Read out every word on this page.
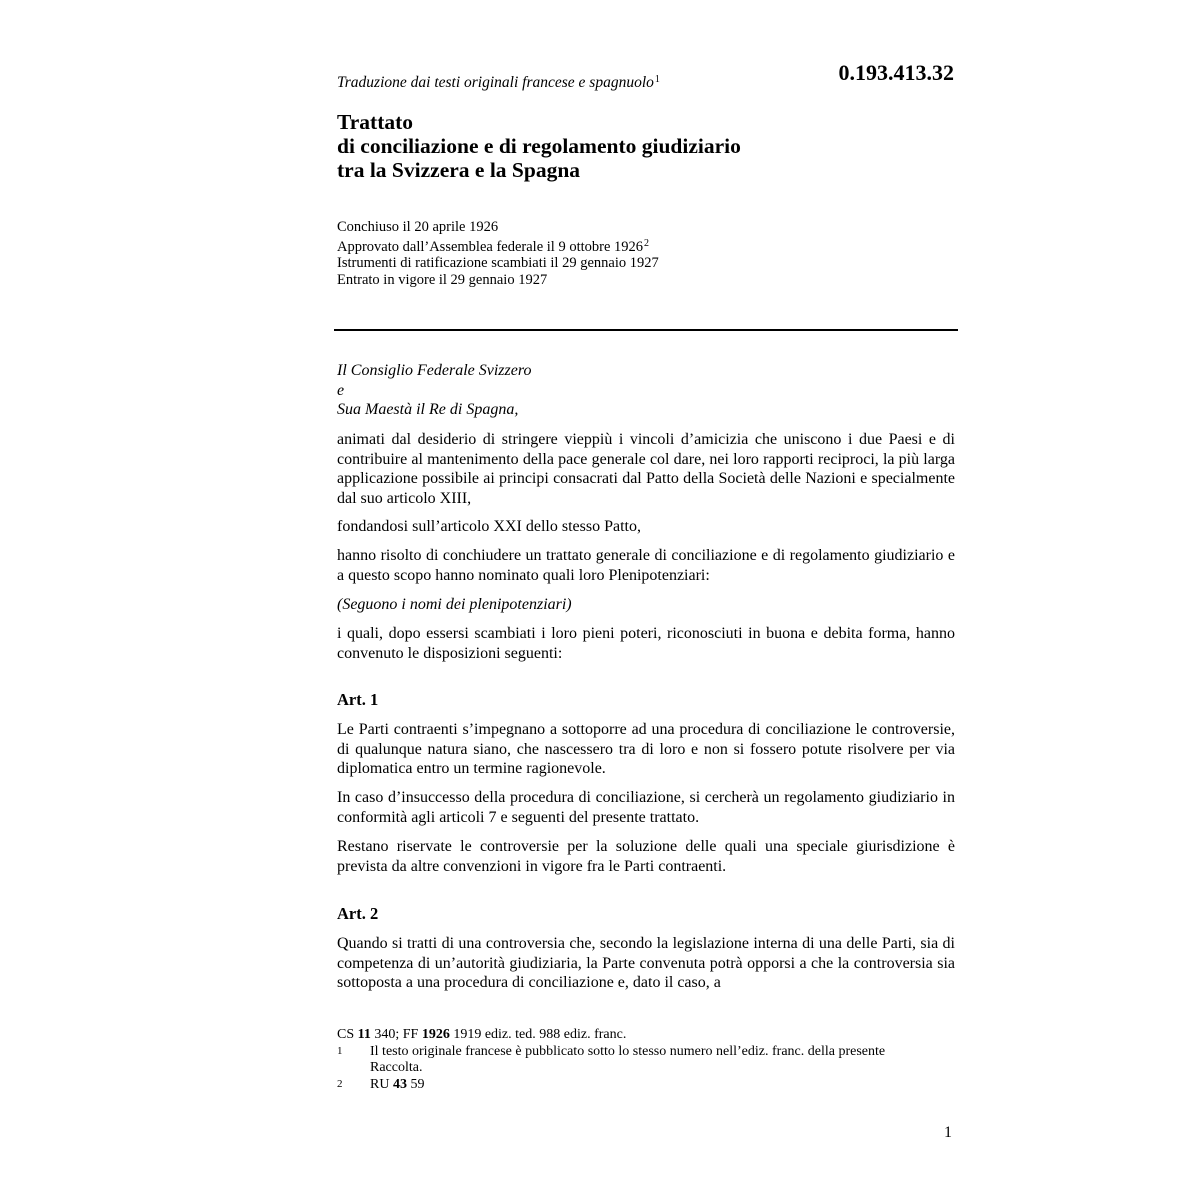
Traduzione dai testi originali francese e spagnuolo$^1$	0.193.413.32
Trattato
di conciliazione e di regolamento giudiziario
tra la Svizzera e la Spagna
Conchiuso il 20 aprile 1926
Approvato dall’Assemblea federale il 9 ottobre 1926$^2$
Istrumenti di ratificazione scambiati il 29 gennaio 1927
Entrato in vigore il 29 gennaio 1927
Il Consiglio Federale Svizzero
e
Sua Maestà il Re di Spagna,
animati dal desiderio di stringere vieppiù i vincoli d’amicizia che uniscono i due Paesi e di contribuire al mantenimento della pace generale col dare, nei loro rapporti reciproci, la più larga applicazione possibile ai principi consacrati dal Patto della Società delle Nazioni e specialmente dal suo articolo XIII,
fondandosi sull’articolo XXI dello stesso Patto,
hanno risolto di conchiudere un trattato generale di conciliazione e di regolamento giudiziario e a questo scopo hanno nominato quali loro Plenipotenziari:
(Seguono i nomi dei plenipotenziari)
i quali, dopo essersi scambiati i loro pieni poteri, riconosciuti in buona e debita forma, hanno convenuto le disposizioni seguenti:
Art. 1
Le Parti contraenti s’impegnano a sottoporre ad una procedura di conciliazione le controversie, di qualunque natura siano, che nascessero tra di loro e non si fossero potute risolvere per via diplomatica entro un termine ragionevole.
In caso d’insuccesso della procedura di conciliazione, si cercherà un regolamento giudiziario in conformità agli articoli 7 e seguenti del presente trattato.
Restano riservate le controversie per la soluzione delle quali una speciale giurisdizione è prevista da altre convenzioni in vigore fra le Parti contraenti.
Art. 2
Quando si tratti di una controversia che, secondo la legislazione interna di una delle Parti, sia di competenza di un’autorità giudiziaria, la Parte convenuta potrà opporsi a che la controversia sia sottoposta a una procedura di conciliazione e, dato il caso, a
CS 11 340; FF 1926 1919 ediz. ted. 988 ediz. franc.
1	Il testo originale francese è pubblicato sotto lo stesso numero nell’ediz. franc. della presente Raccolta.
2	RU 43 59
1
